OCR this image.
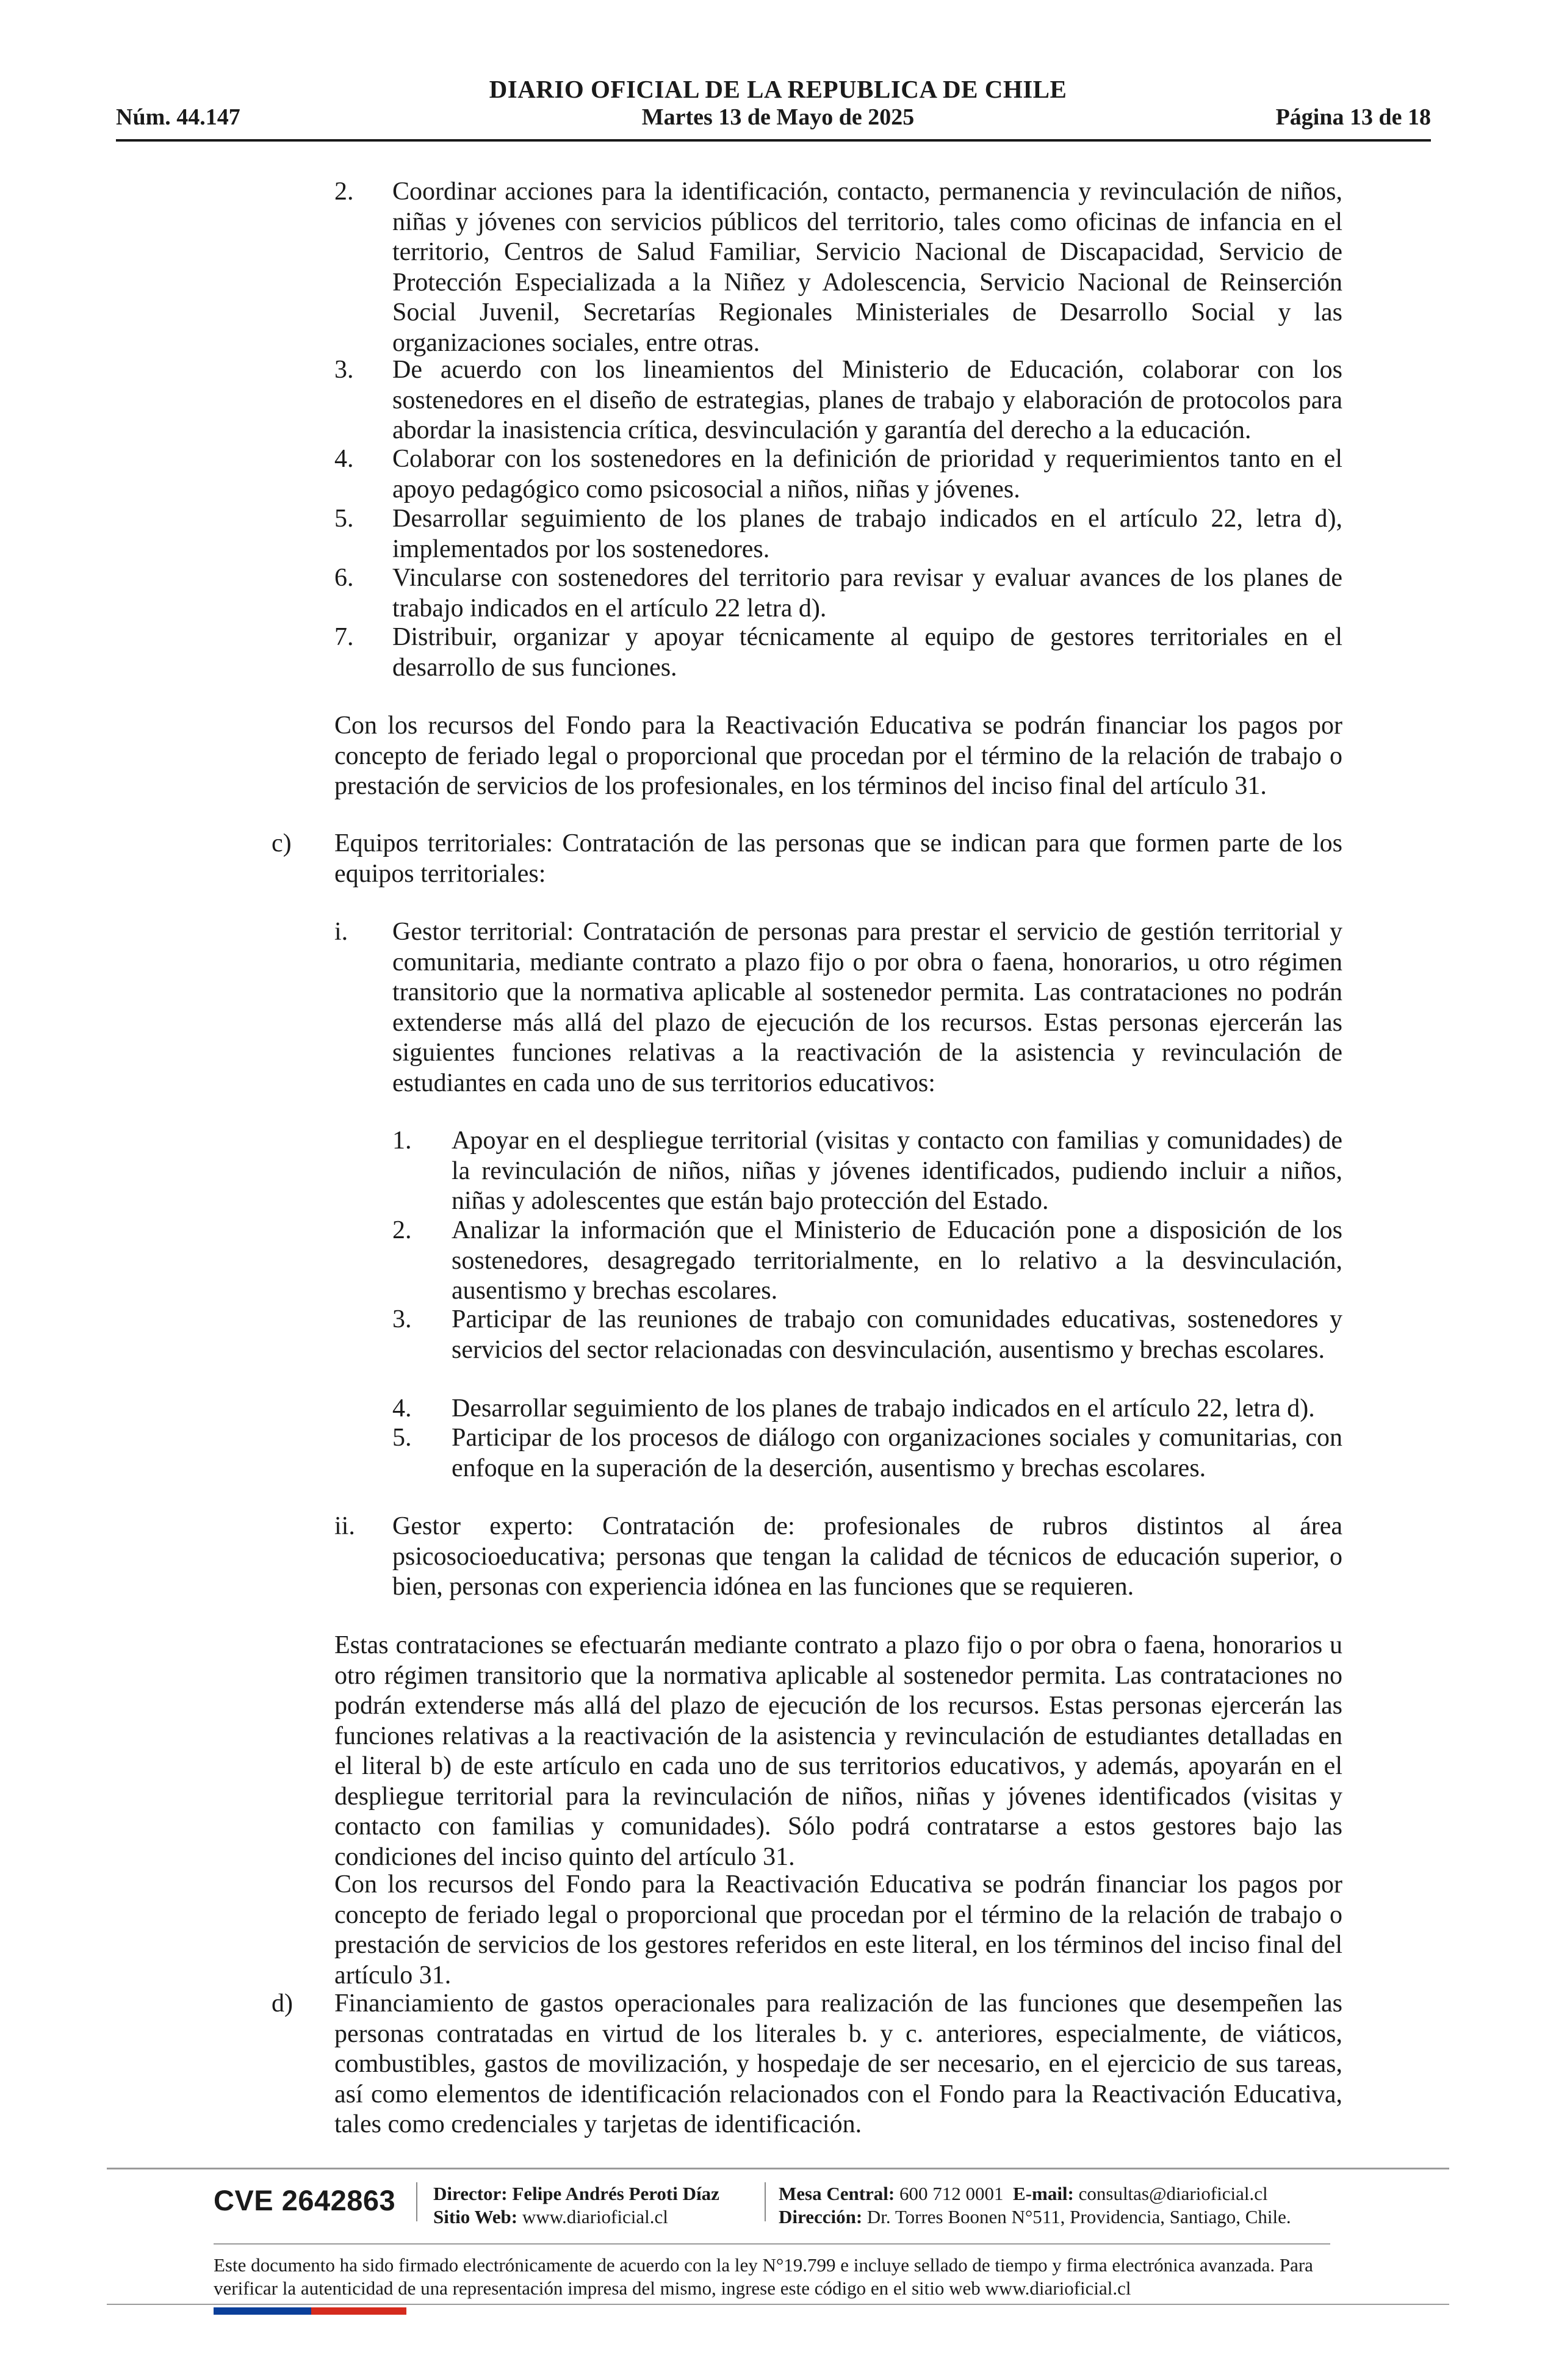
DIARIO OFICIAL DE LA REPUBLICA DE CHILE
Núm. 44.147	Martes 13 de Mayo de 2025	Página 13 de 18
2. Coordinar acciones para la identificación, contacto, permanencia y revinculación de niños, niñas y jóvenes con servicios públicos del territorio, tales como oficinas de infancia en el territorio, Centros de Salud Familiar, Servicio Nacional de Discapacidad, Servicio de Protección Especializada a la Niñez y Adolescencia, Servicio Nacional de Reinserción Social Juvenil, Secretarías Regionales Ministeriales de Desarrollo Social y las organizaciones sociales, entre otras.
3. De acuerdo con los lineamientos del Ministerio de Educación, colaborar con los sostenedores en el diseño de estrategias, planes de trabajo y elaboración de protocolos para abordar la inasistencia crítica, desvinculación y garantía del derecho a la educación.
4. Colaborar con los sostenedores en la definición de prioridad y requerimientos tanto en el apoyo pedagógico como psicosocial a niños, niñas y jóvenes.
5. Desarrollar seguimiento de los planes de trabajo indicados en el artículo 22, letra d), implementados por los sostenedores.
6. Vincularse con sostenedores del territorio para revisar y evaluar avances de los planes de trabajo indicados en el artículo 22 letra d).
7. Distribuir, organizar y apoyar técnicamente al equipo de gestores territoriales en el desarrollo de sus funciones.
Con los recursos del Fondo para la Reactivación Educativa se podrán financiar los pagos por concepto de feriado legal o proporcional que procedan por el término de la relación de trabajo o prestación de servicios de los profesionales, en los términos del inciso final del artículo 31.
c) Equipos territoriales: Contratación de las personas que se indican para que formen parte de los equipos territoriales:
i. Gestor territorial: Contratación de personas para prestar el servicio de gestión territorial y comunitaria, mediante contrato a plazo fijo o por obra o faena, honorarios, u otro régimen transitorio que la normativa aplicable al sostenedor permita. Las contrataciones no podrán extenderse más allá del plazo de ejecución de los recursos. Estas personas ejercerán las siguientes funciones relativas a la reactivación de la asistencia y revinculación de estudiantes en cada uno de sus territorios educativos:
1. Apoyar en el despliegue territorial (visitas y contacto con familias y comunidades) de la revinculación de niños, niñas y jóvenes identificados, pudiendo incluir a niños, niñas y adolescentes que están bajo protección del Estado.
2. Analizar la información que el Ministerio de Educación pone a disposición de los sostenedores, desagregado territorialmente, en lo relativo a la desvinculación, ausentismo y brechas escolares.
3. Participar de las reuniones de trabajo con comunidades educativas, sostenedores y servicios del sector relacionadas con desvinculación, ausentismo y brechas escolares.
4. Desarrollar seguimiento de los planes de trabajo indicados en el artículo 22, letra d).
5. Participar de los procesos de diálogo con organizaciones sociales y comunitarias, con enfoque en la superación de la deserción, ausentismo y brechas escolares.
ii. Gestor experto: Contratación de: profesionales de rubros distintos al área psicosocioeducativa; personas que tengan la calidad de técnicos de educación superior, o bien, personas con experiencia idónea en las funciones que se requieren.
Estas contrataciones se efectuarán mediante contrato a plazo fijo o por obra o faena, honorarios u otro régimen transitorio que la normativa aplicable al sostenedor permita. Las contrataciones no podrán extenderse más allá del plazo de ejecución de los recursos. Estas personas ejercerán las funciones relativas a la reactivación de la asistencia y revinculación de estudiantes detalladas en el literal b) de este artículo en cada uno de sus territorios educativos, y además, apoyarán en el despliegue territorial para la revinculación de niños, niñas y jóvenes identificados (visitas y contacto con familias y comunidades). Sólo podrá contratarse a estos gestores bajo las condiciones del inciso quinto del artículo 31.
Con los recursos del Fondo para la Reactivación Educativa se podrán financiar los pagos por concepto de feriado legal o proporcional que procedan por el término de la relación de trabajo o prestación de servicios de los gestores referidos en este literal, en los términos del inciso final del artículo 31.
d) Financiamiento de gastos operacionales para realización de las funciones que desempeñen las personas contratadas en virtud de los literales b. y c. anteriores, especialmente, de viáticos, combustibles, gastos de movilización, y hospedaje de ser necesario, en el ejercicio de sus tareas, así como elementos de identificación relacionados con el Fondo para la Reactivación Educativa, tales como credenciales y tarjetas de identificación.
CVE 2642863 Director: Felipe Andrés Peroti Díaz
Sitio Web: www.diarioficial.cl
Mesa Central: 600 712 0001 E-mail: consultas@diarioficial.cl
Dirección: Dr. Torres Boonen N°511, Providencia, Santiago, Chile.
Este documento ha sido firmado electrónicamente de acuerdo con la ley N°19.799 e incluye sellado de tiempo y firma electrónica avanzada. Para verificar la autenticidad de una representación impresa del mismo, ingrese este código en el sitio web www.diarioficial.cl
